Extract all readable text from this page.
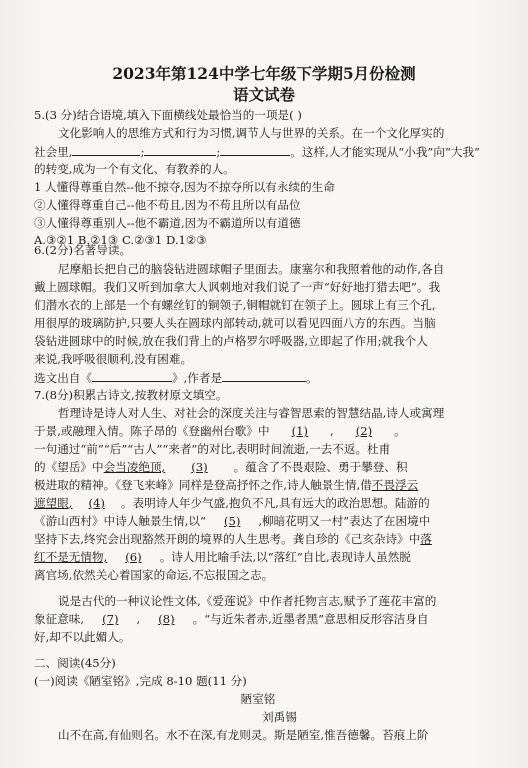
2023年第124中学七年级下学期5月份检测
语文试卷
5.(3 分)结合语境,填入下面横线处最恰当的一项是( )
文化影响人的思维方式和行为习惯,调节人与世界的关系。在一个文化厚实的
社会里,	;	;	。这样,人才能实现从“小我”向“大我”
的转变,成为一个有文化、有教养的人。
1 人懂得尊重自然--他不掠夺,因为不掠夺所以有永续的生命
②人懂得尊重自己--他不苟且,因为不苟且所以有品位
③人懂得尊重别人--他不霸道,因为不霸道所以有道德
A.③②1 B.②1③ C.②③1 D.1②③
6.(2分)名著导读。
尼摩船长把自己的脑袋钻进圆球帽子里面去。康塞尔和我照着他的动作,各自
戴上圆球帽。我们又听到加拿大人讽刺地对我们说了一声“好好地打猎去吧”。我
们潜水衣的上部是一个有螺丝钉的铜领子,铜帽就钉在领子上。圆球上有三个孔,
用很厚的玻璃防护,只要人头在圆球内部转动,就可以看见四面八方的东西。当脑
袋钻进圆球中的时候,放在我们背上的卢格罗尔呼吸器,立即起了作用;就我个人
来说,我呼吸很顺利,没有困难。
选文出自《	》,作者是	。
7.(8分)积累古诗文,按教材原文填空。
哲理诗是诗人对人生、对社会的深度关注与睿智思索的智慧结晶,诗人或寓理
于景,或融理入情。陈子昂的《登幽州台歌》中 (1) , (2) 。
一句通过“前”“后”“古人”“来者”的对比,表明时间流逝,一去不返。杜甫
的《望岳》中会当凌绝顶, (3) 。蕴含了不畏艰险、勇于攀登、积
极进取的精神。《登飞来峰》同样是登高抒怀之作,诗人触景生情,借不畏浮云
遮望眼, (4) 。表明诗人年少气盛,抱负不凡,具有远大的政治思想。陆游的
《游山西村》中诗人触景生情,以“ (5) ,柳暗花明又一村”表达了在困境中
坚持下去,终究会出现豁然开朗的境界的人生思考。龚自珍的《己亥杂诗》中落
红不是无情物, (6) 。诗人用比喻手法,以“落红”自比,表现诗人虽然脱
离官场,依然关心着国家的命运,不忘报国之志。
说是古代的一种议论性文体,《爱莲说》中作者托物言志,赋予了莲花丰富的
象征意味, (7) , (8) 。“与近朱者赤,近墨者黑”意思相反形容洁身自
好,却不以此媚人。
二、阅读(45分)
(一)阅读《陋室铭》,完成 8-10 题(11 分)
陋室铭
刘禹锡
山不在高,有仙则名。水不在深,有龙则灵。斯是陋室,惟吾德馨。苔痕上阶
